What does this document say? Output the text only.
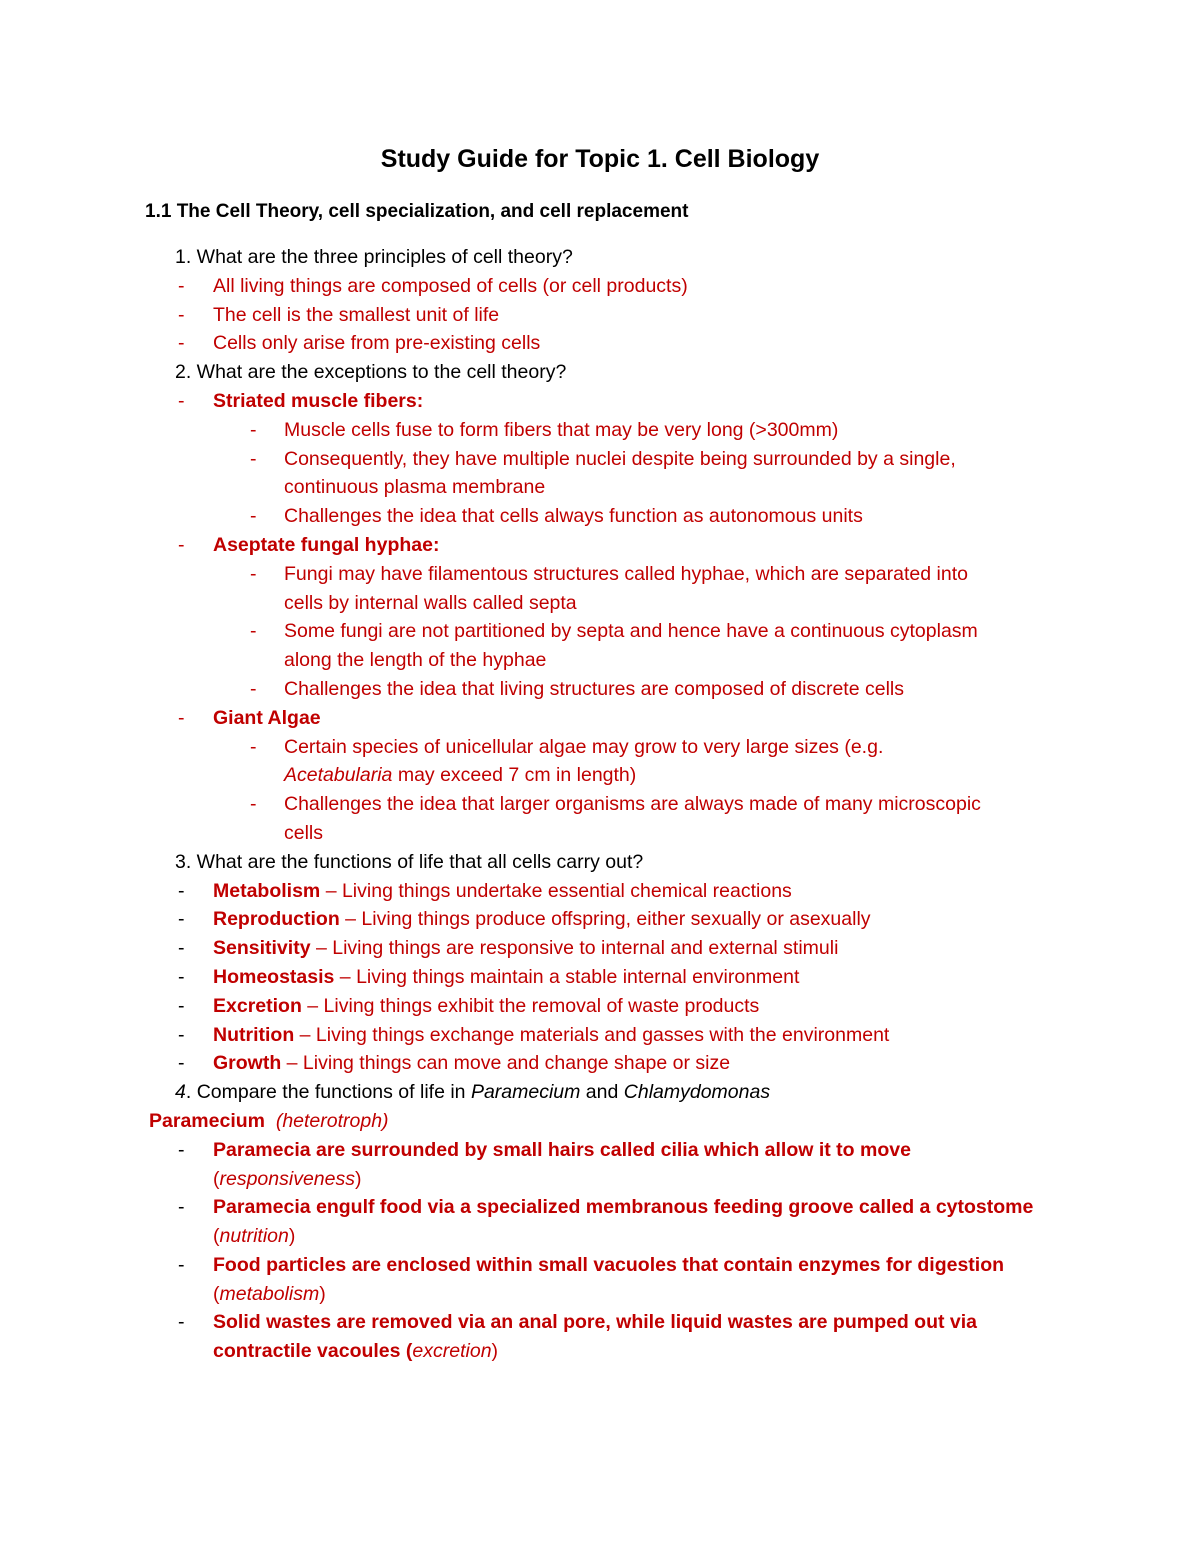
Study Guide for Topic 1. Cell Biology
1.1 The Cell Theory, cell specialization, and cell replacement
1. What are the three principles of cell theory?
- All living things are composed of cells (or cell products)
- The cell is the smallest unit of life
- Cells only arise from pre-existing cells
2. What are the exceptions to the cell theory?
- Striated muscle fibers:
- Muscle cells fuse to form fibers that may be very long (>300mm)
- Consequently, they have multiple nuclei despite being surrounded by a single,
continuous plasma membrane
- Challenges the idea that cells always function as autonomous units
- Aseptate fungal hyphae:
- Fungi may have filamentous structures called hyphae, which are separated into
cells by internal walls called septa
- Some fungi are not partitioned by septa and hence have a continuous cytoplasm
along the length of the hyphae
- Challenges the idea that living structures are composed of discrete cells
- Giant Algae
- Certain species of unicellular algae may grow to very large sizes (e.g.
Acetabularia may exceed 7 cm in length)
- Challenges the idea that larger organisms are always made of many microscopic
cells
3. What are the functions of life that all cells carry out?
- Metabolism – Living things undertake essential chemical reactions
- Reproduction – Living things produce offspring, either sexually or asexually
- Sensitivity – Living things are responsive to internal and external stimuli
- Homeostasis – Living things maintain a stable internal environment
- Excretion – Living things exhibit the removal of waste products
- Nutrition – Living things exchange materials and gasses with the environment
- Growth – Living things can move and change shape or size
4. Compare the functions of life in Paramecium and Chlamydomonas
Paramecium (heterotroph)
- Paramecia are surrounded by small hairs called cilia which allow it to move
(responsiveness)
- Paramecia engulf food via a specialized membranous feeding groove called a cytostome
(nutrition)
- Food particles are enclosed within small vacuoles that contain enzymes for digestion
(metabolism)
- Solid wastes are removed via an anal pore, while liquid wastes are pumped out via
contractile vacoules (excretion)
